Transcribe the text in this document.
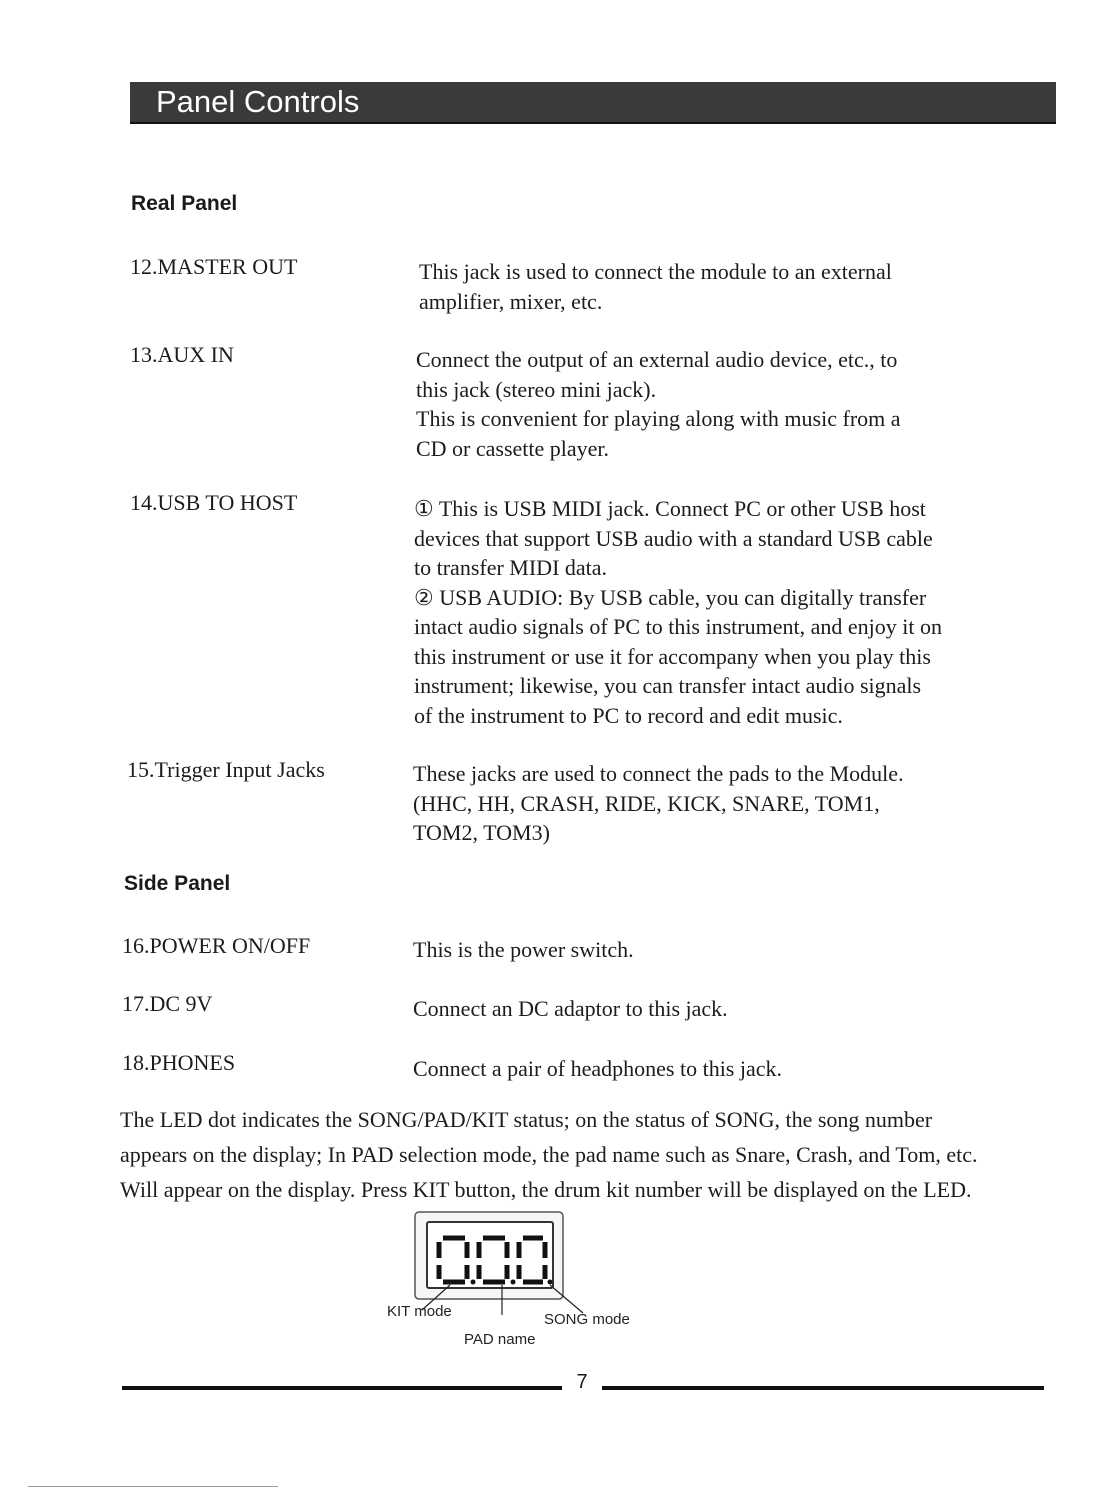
Panel Controls
Real Panel
12.MASTER OUT	This jack is used to connect the module to an external
amplifier, mixer, etc.
13.AUX IN	Connect the output of an external audio device, etc., to
this jack (stereo mini jack).
This is convenient for playing along with music from a
CD or cassette player.
14.USB TO HOST	① This is USB MIDI jack. Connect PC or other USB host
devices that support USB audio with a standard USB cable
to transfer MIDI data.
② USB AUDIO: By USB cable, you can digitally transfer
intact audio signals of PC to this instrument, and enjoy it on
this instrument or use it for accompany when you play this
instrument; likewise, you can transfer intact audio signals
of the instrument to PC to record and edit music.
15.Trigger Input Jacks	These jacks are used to connect the pads to the Module.
(HHC, HH, CRASH, RIDE, KICK, SNARE, TOM1,
TOM2, TOM3)
Side Panel
16.POWER ON/OFF	This is the power switch.
17.DC 9V	Connect an DC adaptor to this jack.
18.PHONES	Connect a pair of headphones to this jack.
The LED dot indicates the SONG/PAD/KIT status; on the status of SONG, the song number
appears on the display; In PAD selection mode, the pad name such as Snare, Crash, and Tom, etc.
Will appear on the display. Press KIT button, the drum kit number will be displayed on the LED.
KIT mode	SONG mode
PAD name
7
